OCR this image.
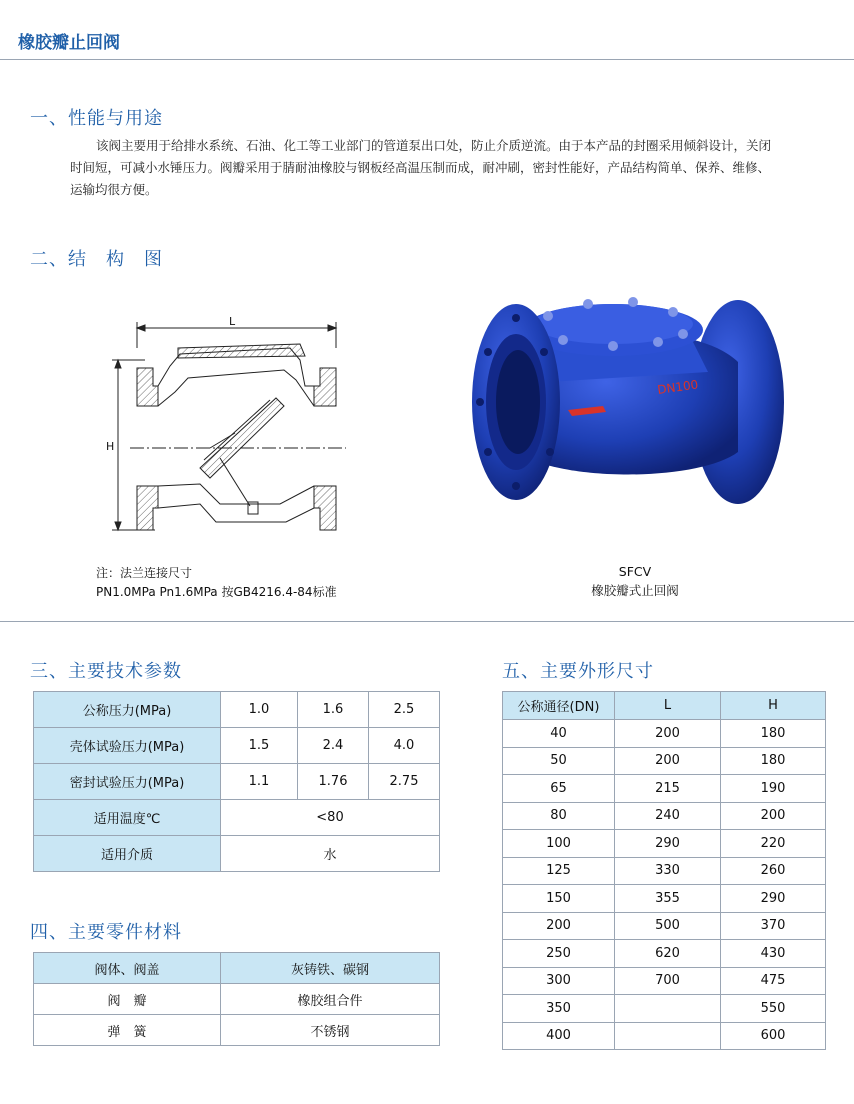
橡胶瓣止回阀
一、性能与用途

该阀主要用于给排水系统、石油、化工等工业部门的管道泵出口处，防止介质逆流。由于本产品的封圈采用倾斜设计，关闭

时间短，可减小水锤压力。阀瓣采用于腈耐油橡胶与钢板经高温压制而成，耐冲刷，密封性能好，产品结构简单、保养、维修、

运输均很方便。

二、结　构　图
L
H
注：法兰连接尺寸
PN1.0MPa Pn1.6MPa 按GB4216.4-84标准
DN100
SFCV
橡胶瓣式止回阀
三、主要技术参数
公称压力(MPa)	1.0	1.6	2.5
壳体试验压力(MPa)	1.5	2.4	4.0
密封试验压力(MPa)	1.1	1.76	2.75
适用温度℃	<80		
适用介质	水		
四、主要零件材料
阀体、阀盖	灰铸铁、碳钢
阀　瓣	橡胶组合件
弹　簧	不锈钢
五、主要外形尺寸
公称通径(DN)	L	H
40	200	180
50	200	180
65	215	190
80	240	200
100	290	220
125	330	260
150	355	290
200	500	370
250	620	430
300	700	475
350		550
400		600
